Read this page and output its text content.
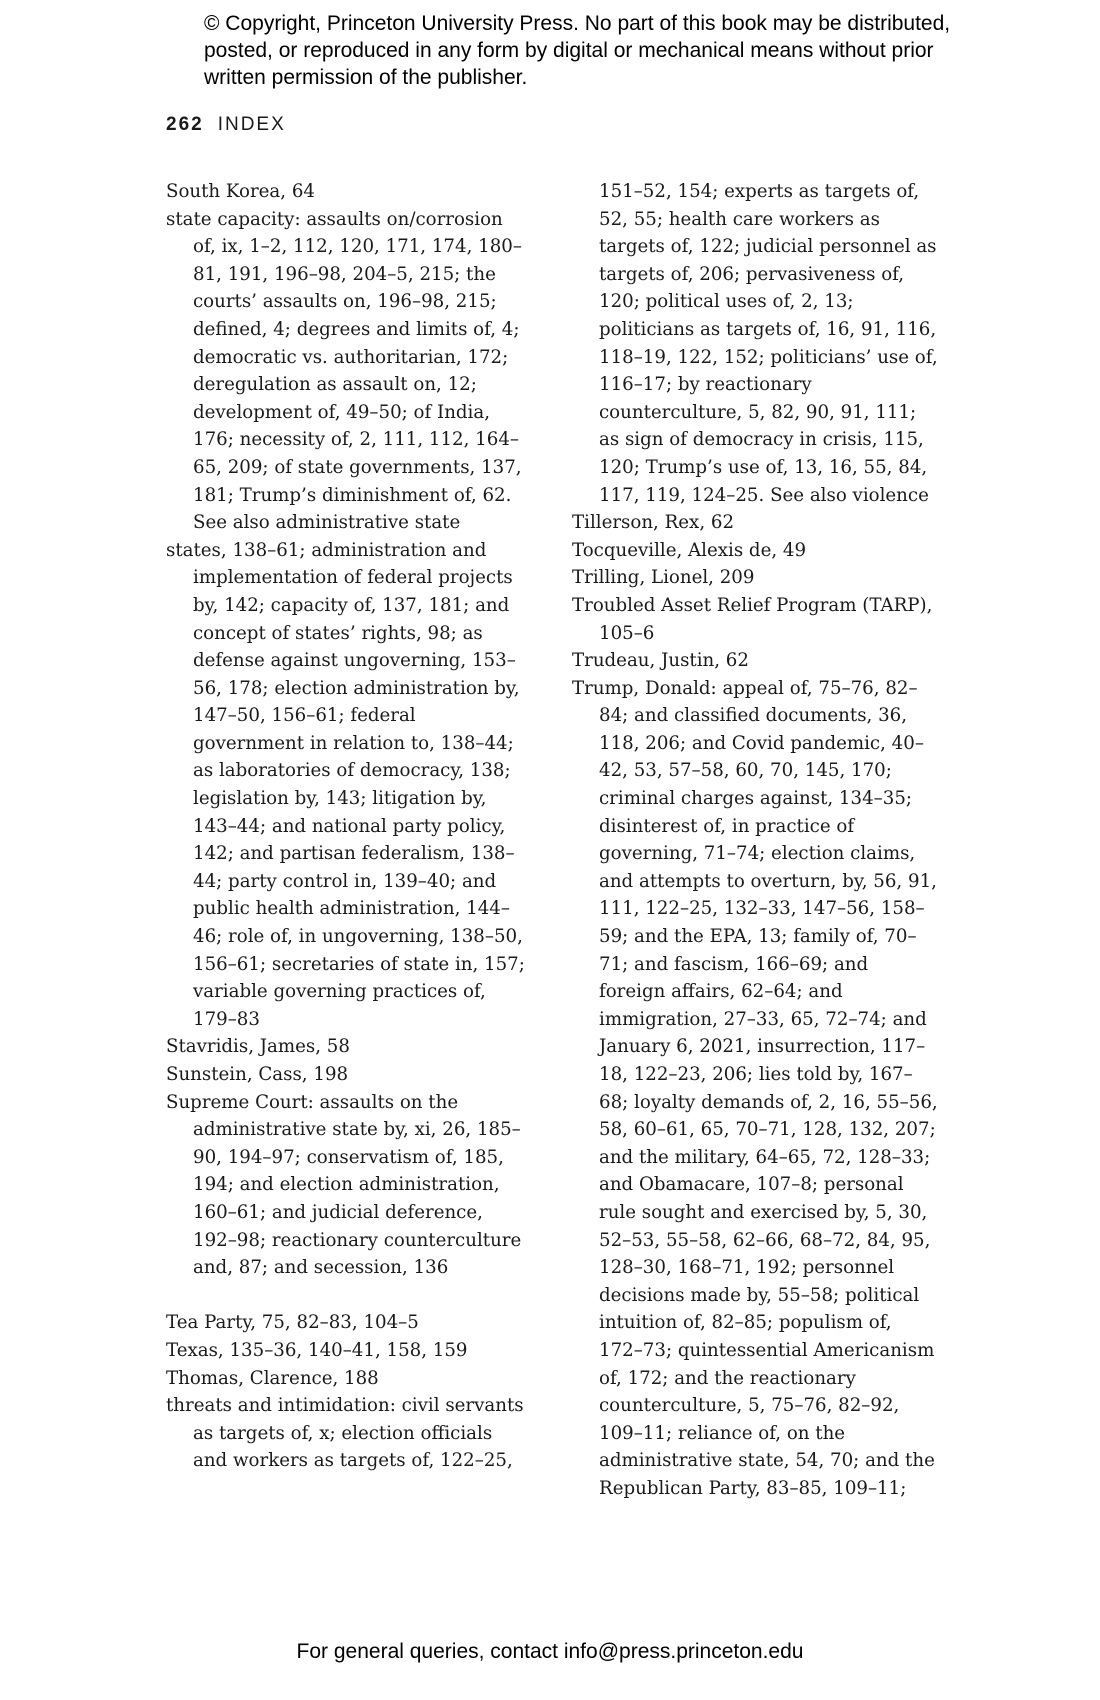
© Copyright, Princeton University Press. No part of this book may be distributed, posted, or reproduced in any form by digital or mechanical means without prior written permission of the publisher.
262 INDEX

South Korea, 64

state capacity: assaults on/corrosion of, ix, 1–2, 112, 120, 171, 174, 180–81, 191, 196–98, 204–5, 215; the courts’ assaults on, 196–98, 215; defined, 4; degrees and limits of, 4; democratic vs. authoritarian, 172; deregulation as assault on, 12; development of, 49–50; of India, 176; necessity of, 2, 111, 112, 164–65, 209; of state governments, 137, 181; Trump’s diminishment of, 62. See also administrative state

states, 138–61; administration and implementation of federal projects by, 142; capacity of, 137, 181; and concept of states’ rights, 98; as defense against ungoverning, 153–56, 178; election administration by, 147–50, 156–61; federal government in relation to, 138–44; as laboratories of democracy, 138; legislation by, 143; litigation by, 143–44; and national party policy, 142; and partisan federalism, 138–44; party control in, 139–40; and public health administration, 144–46; role of, in ungoverning, 138–50, 156–61; secretaries of state in, 157; variable governing practices of, 179–83

Stavridis, James, 58

Sunstein, Cass, 198

Supreme Court: assaults on the administrative state by, xi, 26, 185–90, 194–97; conservatism of, 185, 194; and election administration, 160–61; and judicial deference, 192–98; reactionary counterculture and, 87; and secession, 136

Tea Party, 75, 82–83, 104–5

Texas, 135–36, 140–41, 158, 159

Thomas, Clarence, 188

threats and intimidation: civil servants as targets of, x; election officials and workers as targets of, 122–25,

151–52, 154; experts as targets of, 52, 55; health care workers as targets of, 122; judicial personnel as targets of, 206; pervasiveness of, 120; political uses of, 2, 13; politicians as targets of, 16, 91, 116, 118–19, 122, 152; politicians’ use of, 116–17; by reactionary counterculture, 5, 82, 90, 91, 111; as sign of democracy in crisis, 115, 120; Trump’s use of, 13, 16, 55, 84, 117, 119, 124–25. See also violence

Tillerson, Rex, 62

Tocqueville, Alexis de, 49

Trilling, Lionel, 209

Troubled Asset Relief Program (TARP), 105–6

Trudeau, Justin, 62

Trump, Donald: appeal of, 75–76, 82–84; and classified documents, 36, 118, 206; and Covid pandemic, 40–42, 53, 57–58, 60, 70, 145, 170; criminal charges against, 134–35; disinterest of, in practice of governing, 71–74; election claims, and attempts to overturn, by, 56, 91, 111, 122–25, 132–33, 147–56, 158–59; and the EPA, 13; family of, 70–71; and fascism, 166–69; and foreign affairs, 62–64; and immigration, 27–33, 65, 72–74; and January 6, 2021, insurrection, 117–18, 122–23, 206; lies told by, 167–68; loyalty demands of, 2, 16, 55–56, 58, 60–61, 65, 70–71, 128, 132, 207; and the military, 64–65, 72, 128–33; and Obamacare, 107–8; personal rule sought and exercised by, 5, 30, 52–53, 55–58, 62–66, 68–72, 84, 95, 128–30, 168–71, 192; personnel decisions made by, 55–58; political intuition of, 82–85; populism of, 172–73; quintessential Americanism of, 172; and the reactionary counterculture, 5, 75–76, 82–92, 109–11; reliance of, on the administrative state, 54, 70; and the Republican Party, 83–85, 109–11;

For general queries, contact info@press.princeton.edu
